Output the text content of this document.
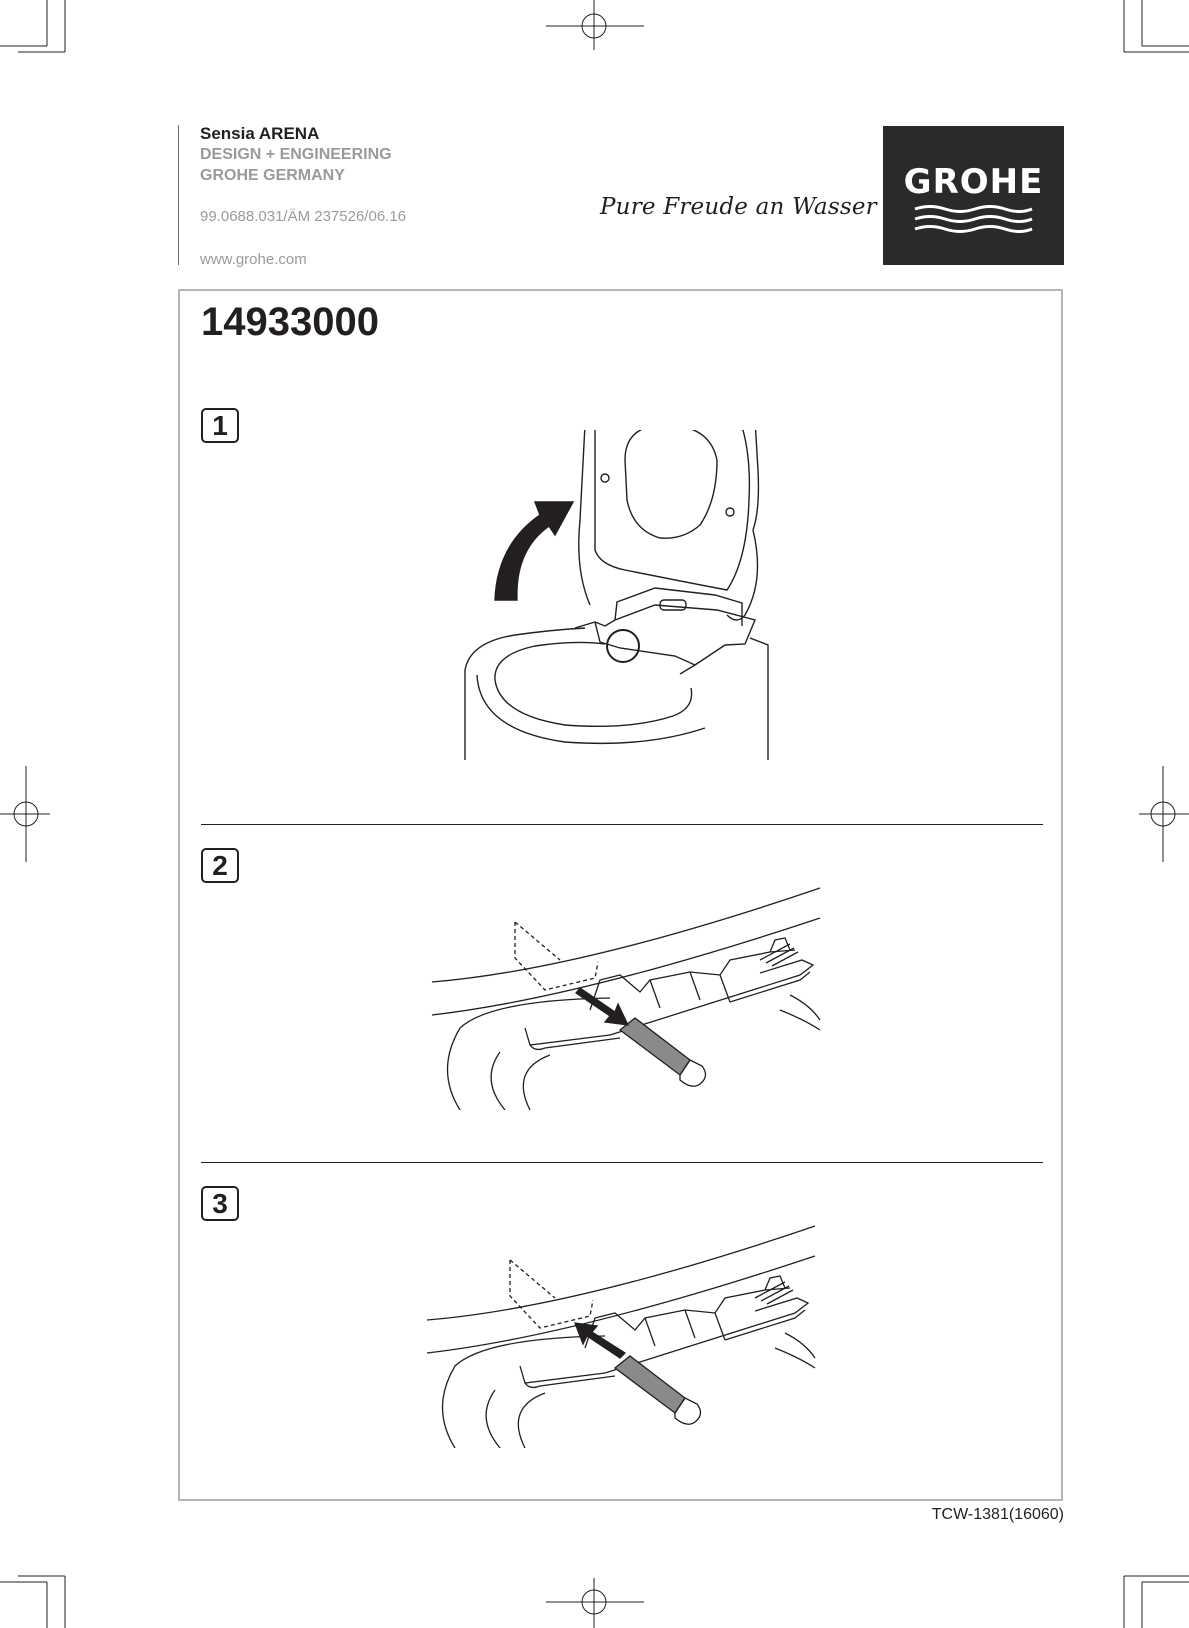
Sensia ARENA
DESIGN + ENGINEERING
GROHE GERMANY
99.0688.031/ÄM 237526/06.16
www.grohe.com
Pure Freude an Wasser
GROHE
14933000
1
2
3
TCW-1381(16060)
